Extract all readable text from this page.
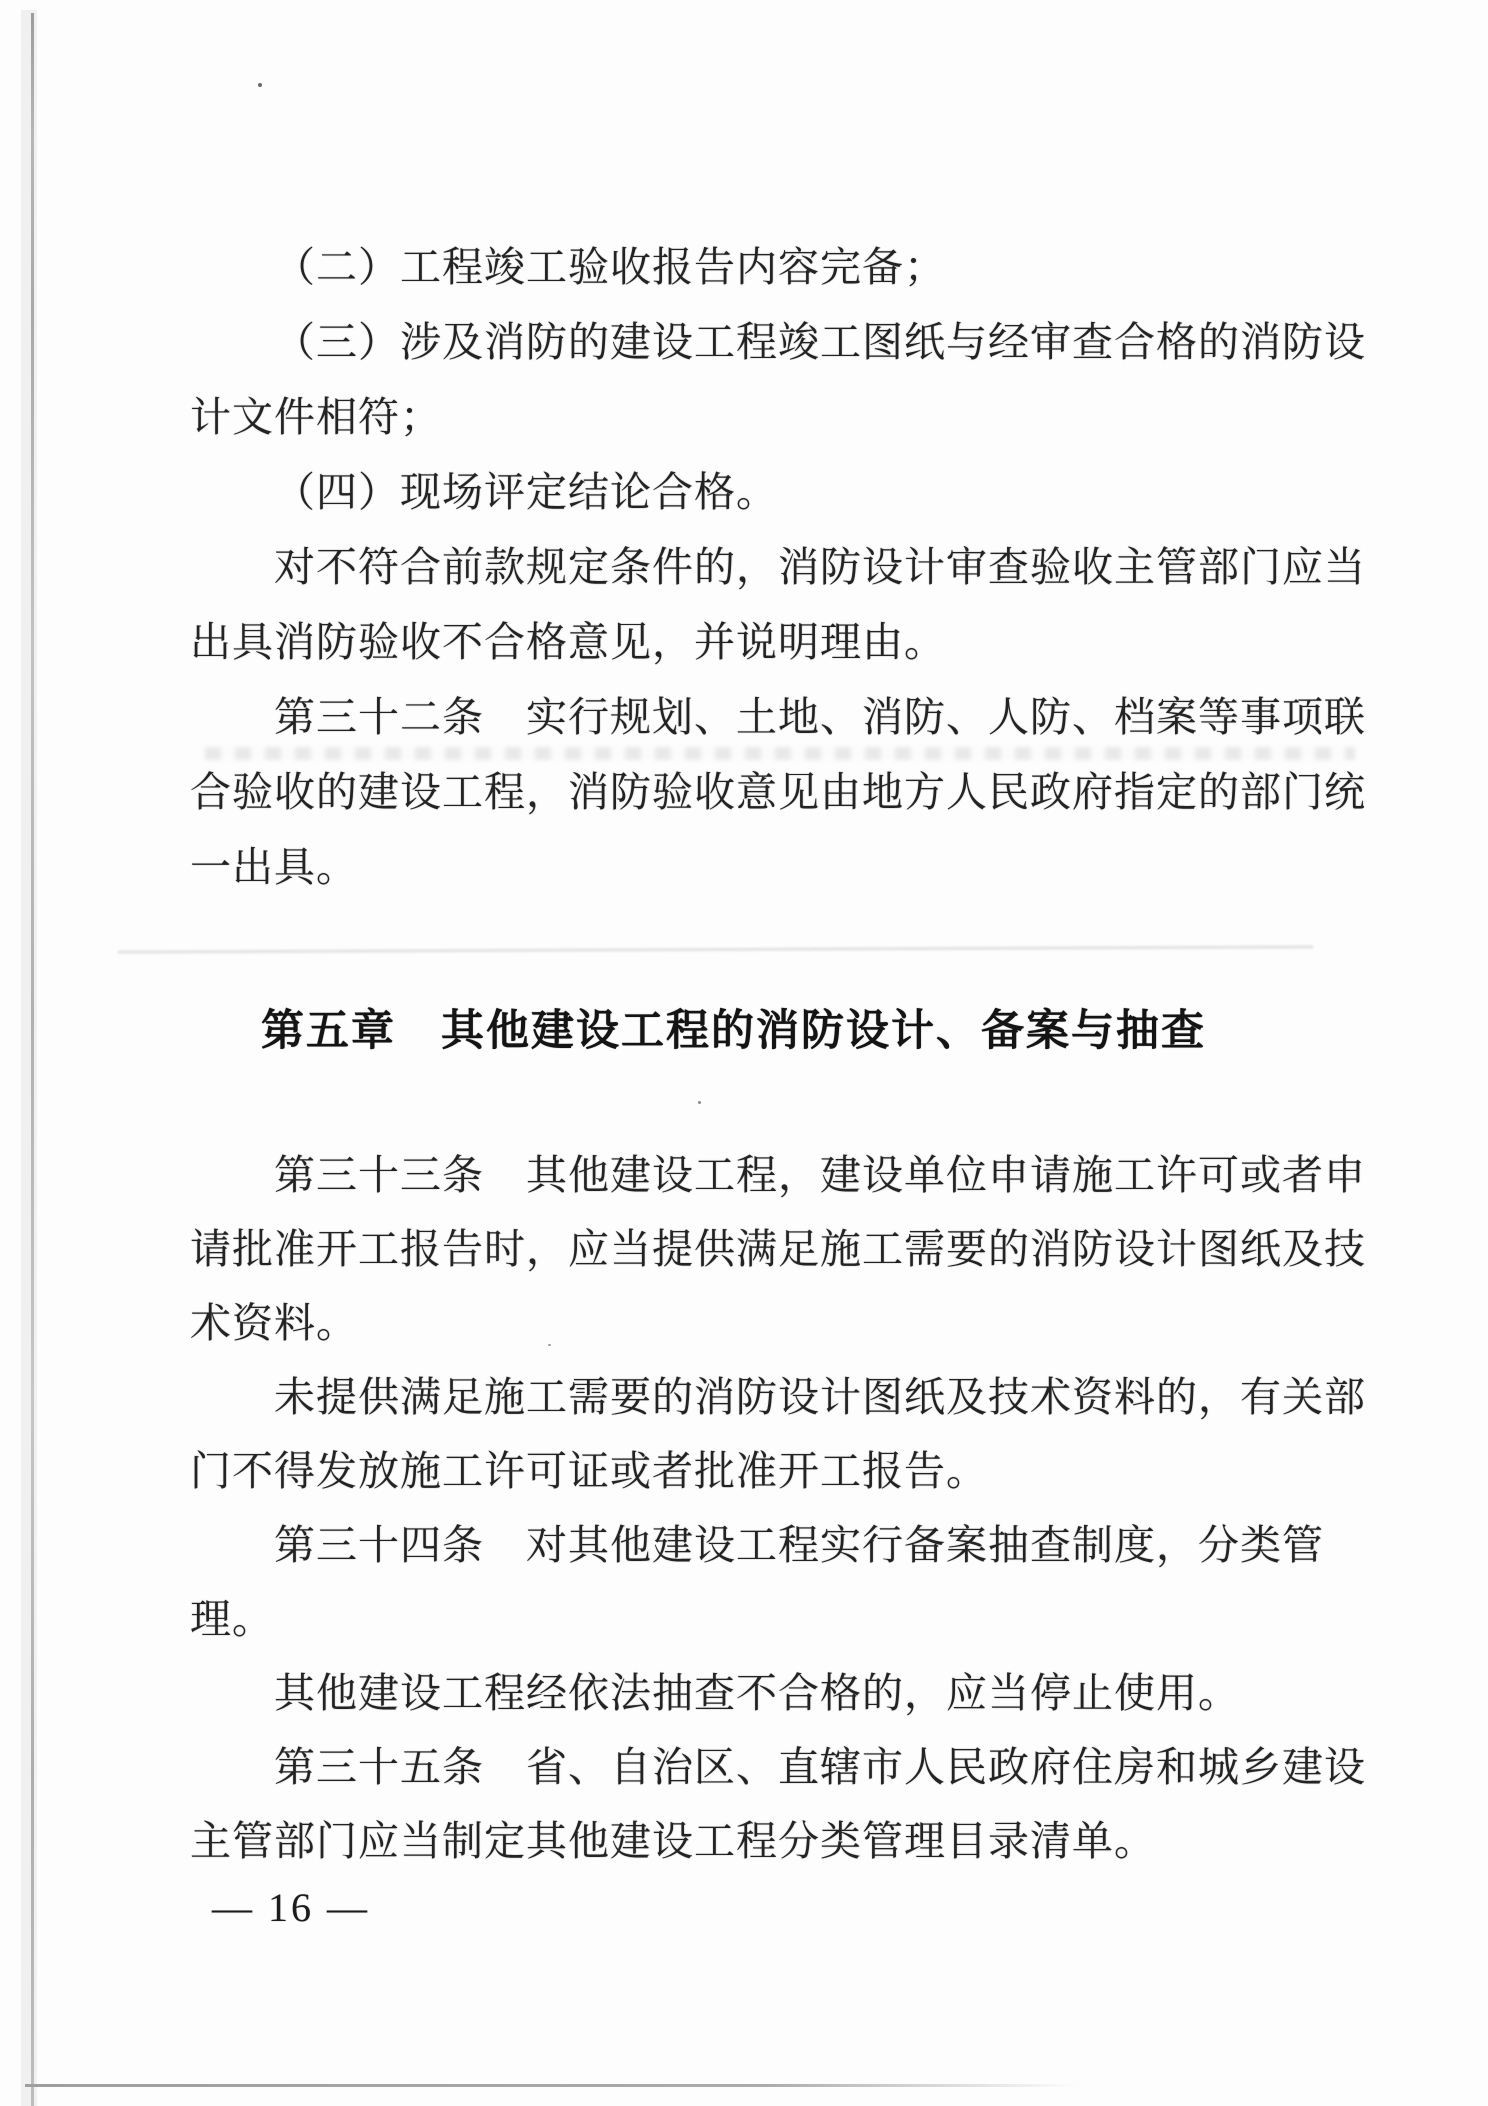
（二）工程竣工验收报告内容完备；
（三）涉及消防的建设工程竣工图纸与经审查合格的消防设
计文件相符；
（四）现场评定结论合格。
对不符合前款规定条件的，消防设计审查验收主管部门应当
出具消防验收不合格意见，并说明理由。
第三十二条　实行规划、土地、消防、人防、档案等事项联
合验收的建设工程，消防验收意见由地方人民政府指定的部门统
一出具。
第五章　其他建设工程的消防设计、备案与抽查
第三十三条　其他建设工程，建设单位申请施工许可或者申
请批准开工报告时，应当提供满足施工需要的消防设计图纸及技
术资料。
未提供满足施工需要的消防设计图纸及技术资料的，有关部
门不得发放施工许可证或者批准开工报告。
第三十四条　对其他建设工程实行备案抽查制度，分类管
理。
其他建设工程经依法抽查不合格的，应当停止使用。
第三十五条　省、自治区、直辖市人民政府住房和城乡建设
主管部门应当制定其他建设工程分类管理目录清单。
— 16 —
